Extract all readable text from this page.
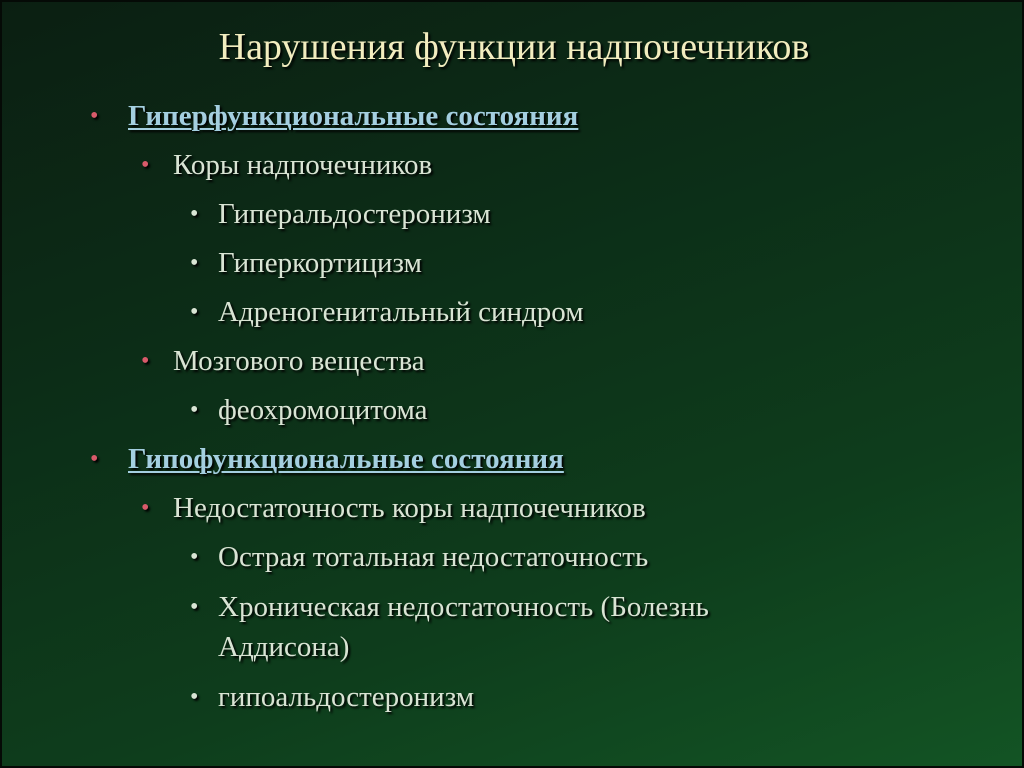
Нарушения функции надпочечников
• Гиперфункциональные состояния
• Коры надпочечников
• Гиперальдостеронизм
• Гиперкортицизм
• Адреногенитальный синдром
• Мозгового вещества
• феохромоцитома
• Гипофункциональные состояния
• Недостаточность коры надпочечников
• Острая тотальная недостаточность
• Хроническая недостаточность (Болезнь
Аддисона)
• гипоальдостеронизм
